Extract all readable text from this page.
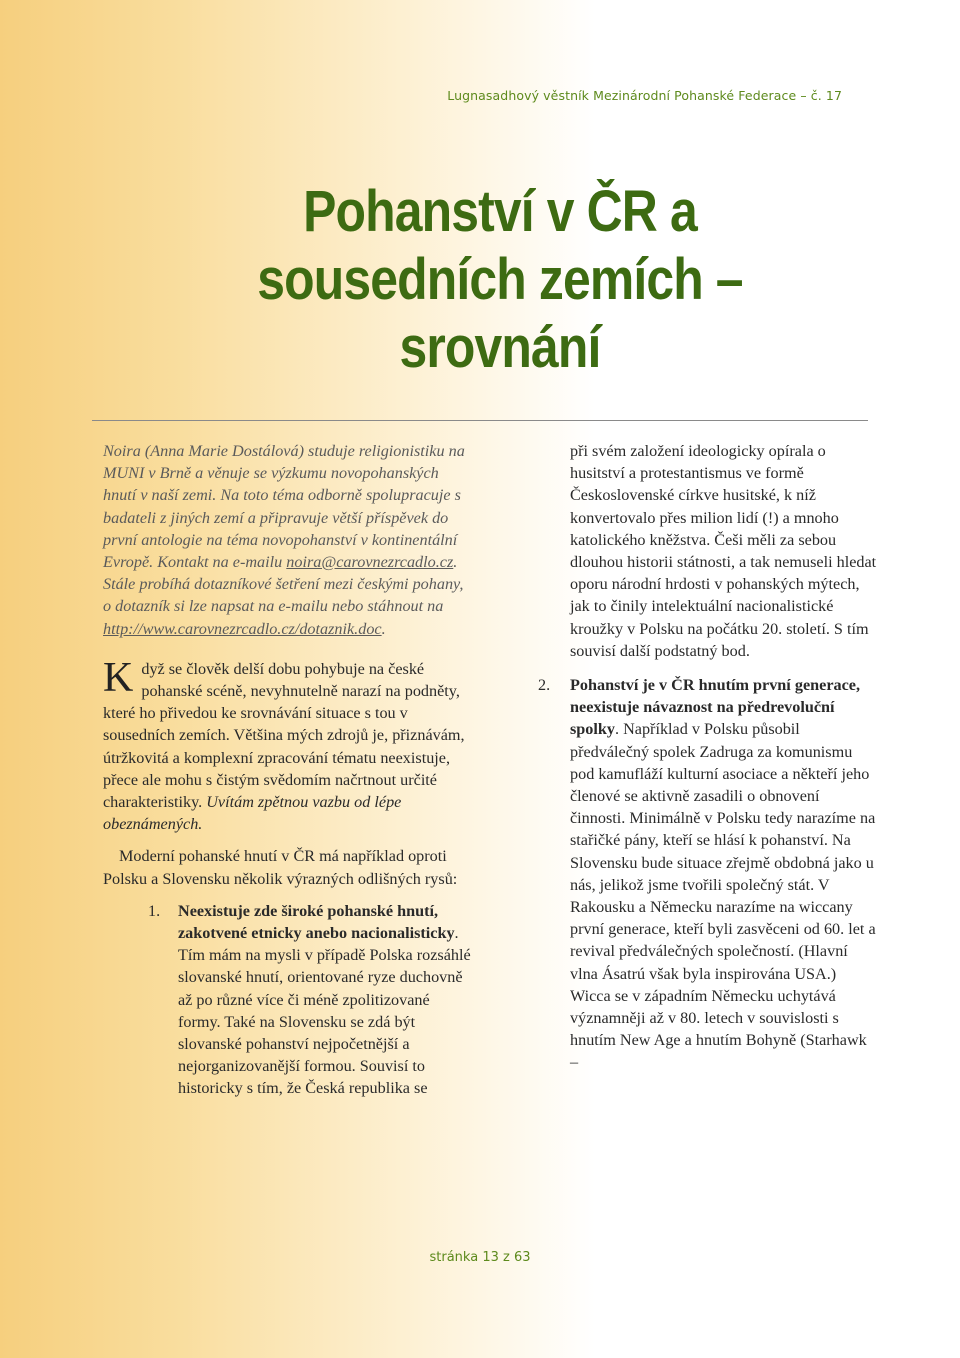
Lugnasadhový věstník Mezinárodní Pohanské Federace – č. 17
Pohanství v ČR a
sousedních zemích –
srovnání

Noira (Anna Marie Dostálová) studuje religionistiku na MUNI v Brně a věnuje se výzkumu novopohanských hnutí v naší zemi. Na toto téma odborně spolupracuje s badateli z jiných zemí a připravuje větší příspěvek do první antologie na téma novopohanství v kontinentální Evropě. Kontakt na e-mailu noira@carovnezrcadlo.cz. Stále probíhá dotazníkové šetření mezi českými pohany, o dotazník si lze napsat na e-mailu nebo stáhnout na http://www.carovnezrcadlo.cz/dotaznik.doc.

Když se člověk delší dobu pohybuje na české pohanské scéně, nevyhnutelně narazí na podněty, které ho přivedou ke srovnávání situace s tou v sousedních zemích. Většina mých zdrojů je, přiznávám, útržkovitá a komplexní zpracování tématu neexistuje, přece ale mohu s čistým svědomím načrtnout určité charakteristiky. Uvítám zpětnou vazbu od lépe obeznámených.

Moderní pohanské hnutí v ČR má například oproti Polsku a Slovensku několik výrazných odlišných rysů:

1. Neexistuje zde široké pohanské hnutí, zakotvené etnicky anebo nacionalisticky. Tím mám na mysli v případě Polska rozsáhlé slovanské hnutí, orientované ryze duchovně až po různé více či méně zpolitizované formy. Také na Slovensku se zdá být slovanské pohanství nejpočetnější a nejorganizovanější formou. Souvisí to historicky s tím, že Česká republika se
při svém založení ideologicky opírala o husitství a protestantismus ve formě Československé církve husitské, k níž konvertovalo přes milion lidí (!) a mnoho katolického kněžstva. Češi měli za sebou dlouhou historii státnosti, a tak nemuseli hledat oporu národní hrdosti v pohanských mýtech, jak to činily intelektuální nacionalistické kroužky v Polsku na počátku 20. století. S tím souvisí další podstatný bod.
2. Pohanství je v ČR hnutím první generace, neexistuje návaznost na předrevoluční spolky. Například v Polsku působil předválečný spolek Zadruga za komunismu pod kamufláží kulturní asociace a někteří jeho členové se aktivně zasadili o obnovení činnosti. Minimálně v Polsku tedy narazíme na stařičké pány, kteří se hlásí k pohanství. Na Slovensku bude situace zřejmě obdobná jako u nás, jelikož jsme tvořili společný stát. V Rakousku a Německu narazíme na wiccany první generace, kteří byli zasvěceni od 60. let a revival předválečných společností. (Hlavní vlna Ásatrú však byla inspirována USA.) Wicca se v západním Německu uchytává významněji až v 80. letech v souvislosti s hnutím New Age a hnutím Bohyně (Starhawk –
stránka 13 z 63
